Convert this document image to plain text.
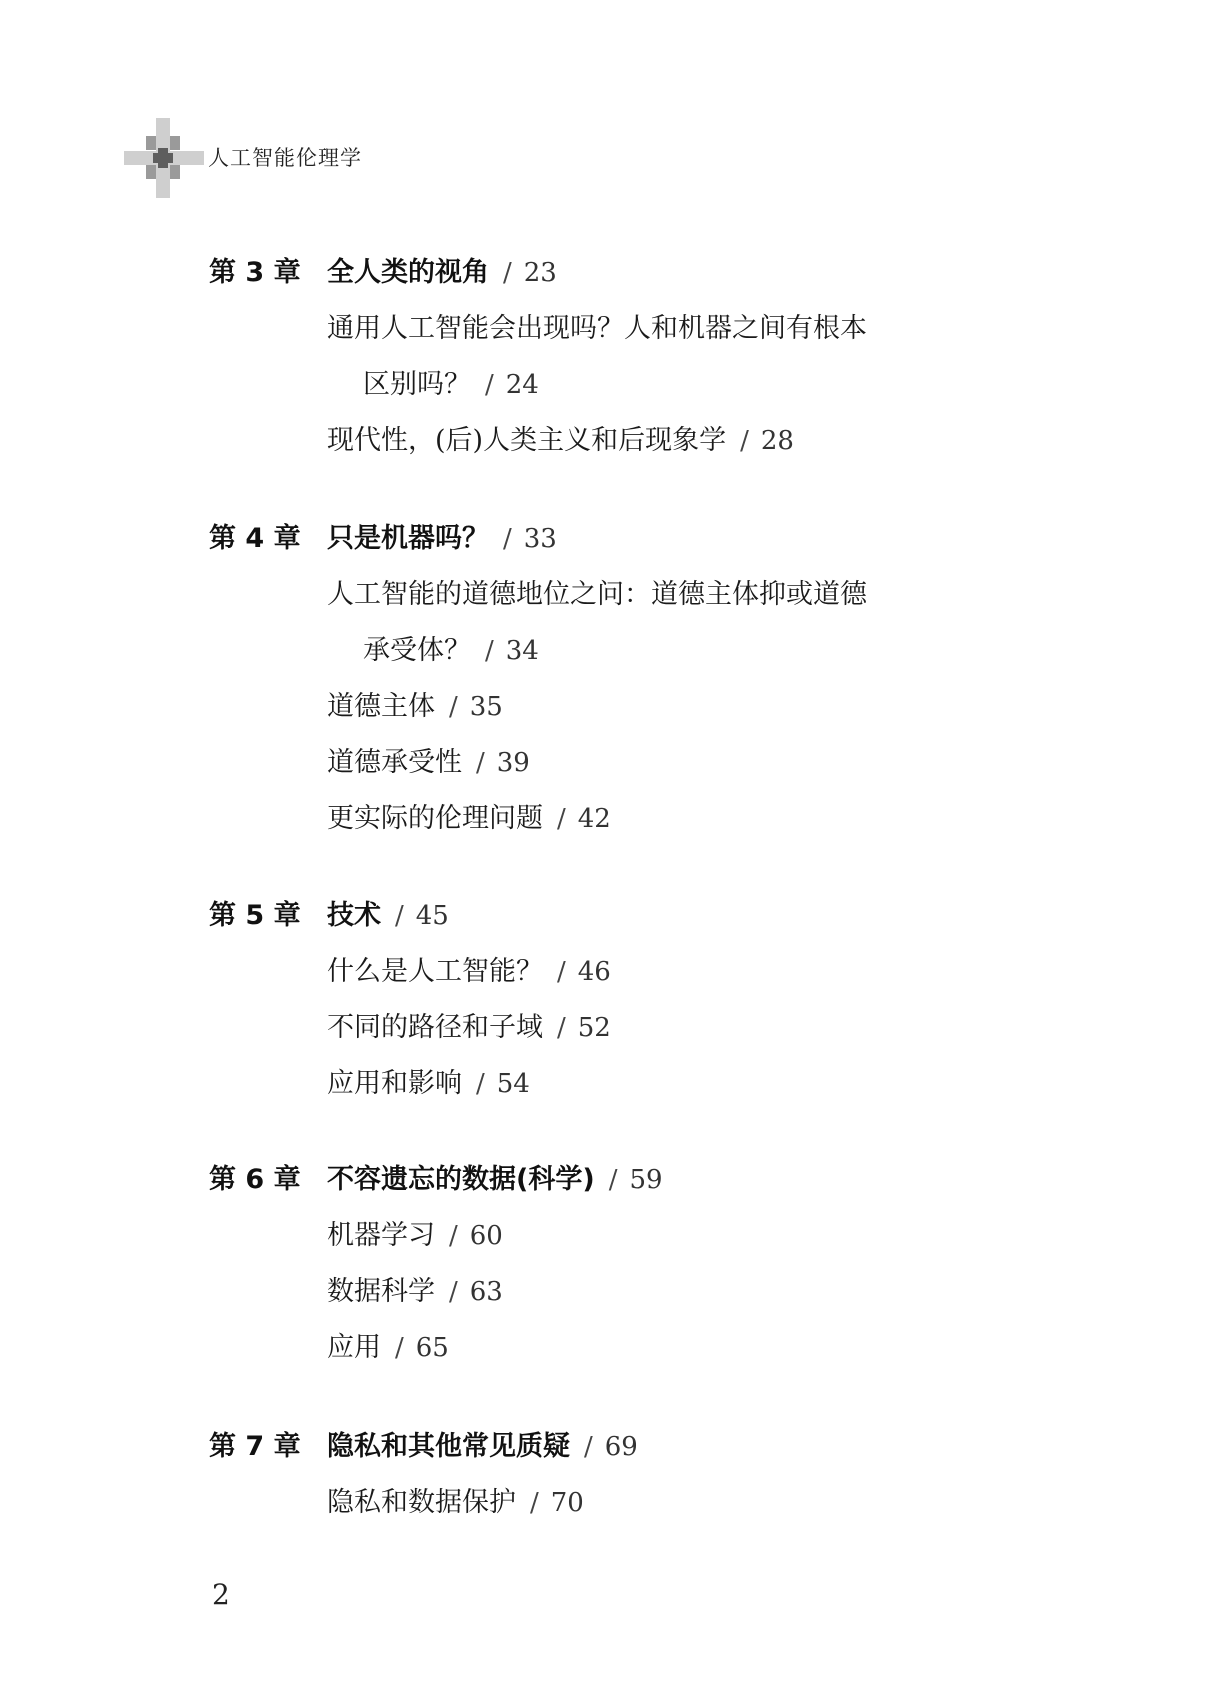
人工智能伦理学
第 3 章 全人类的视角 / 23
通用人工智能会出现吗？人和机器之间有根本
区别吗？ / 24
现代性，(后)人类主义和后现象学 / 28
第 4 章 只是机器吗？ / 33
人工智能的道德地位之问：道德主体抑或道德
承受体？ / 34
道德主体 / 35
道德承受性 / 39
更实际的伦理问题 / 42
第 5 章 技术 / 45
什么是人工智能？ / 46
不同的路径和子域 / 52
应用和影响 / 54
第 6 章 不容遗忘的数据(科学) / 59
机器学习 / 60
数据科学 / 63
应用 / 65
第 7 章 隐私和其他常见质疑 / 69
隐私和数据保护 / 70
2
